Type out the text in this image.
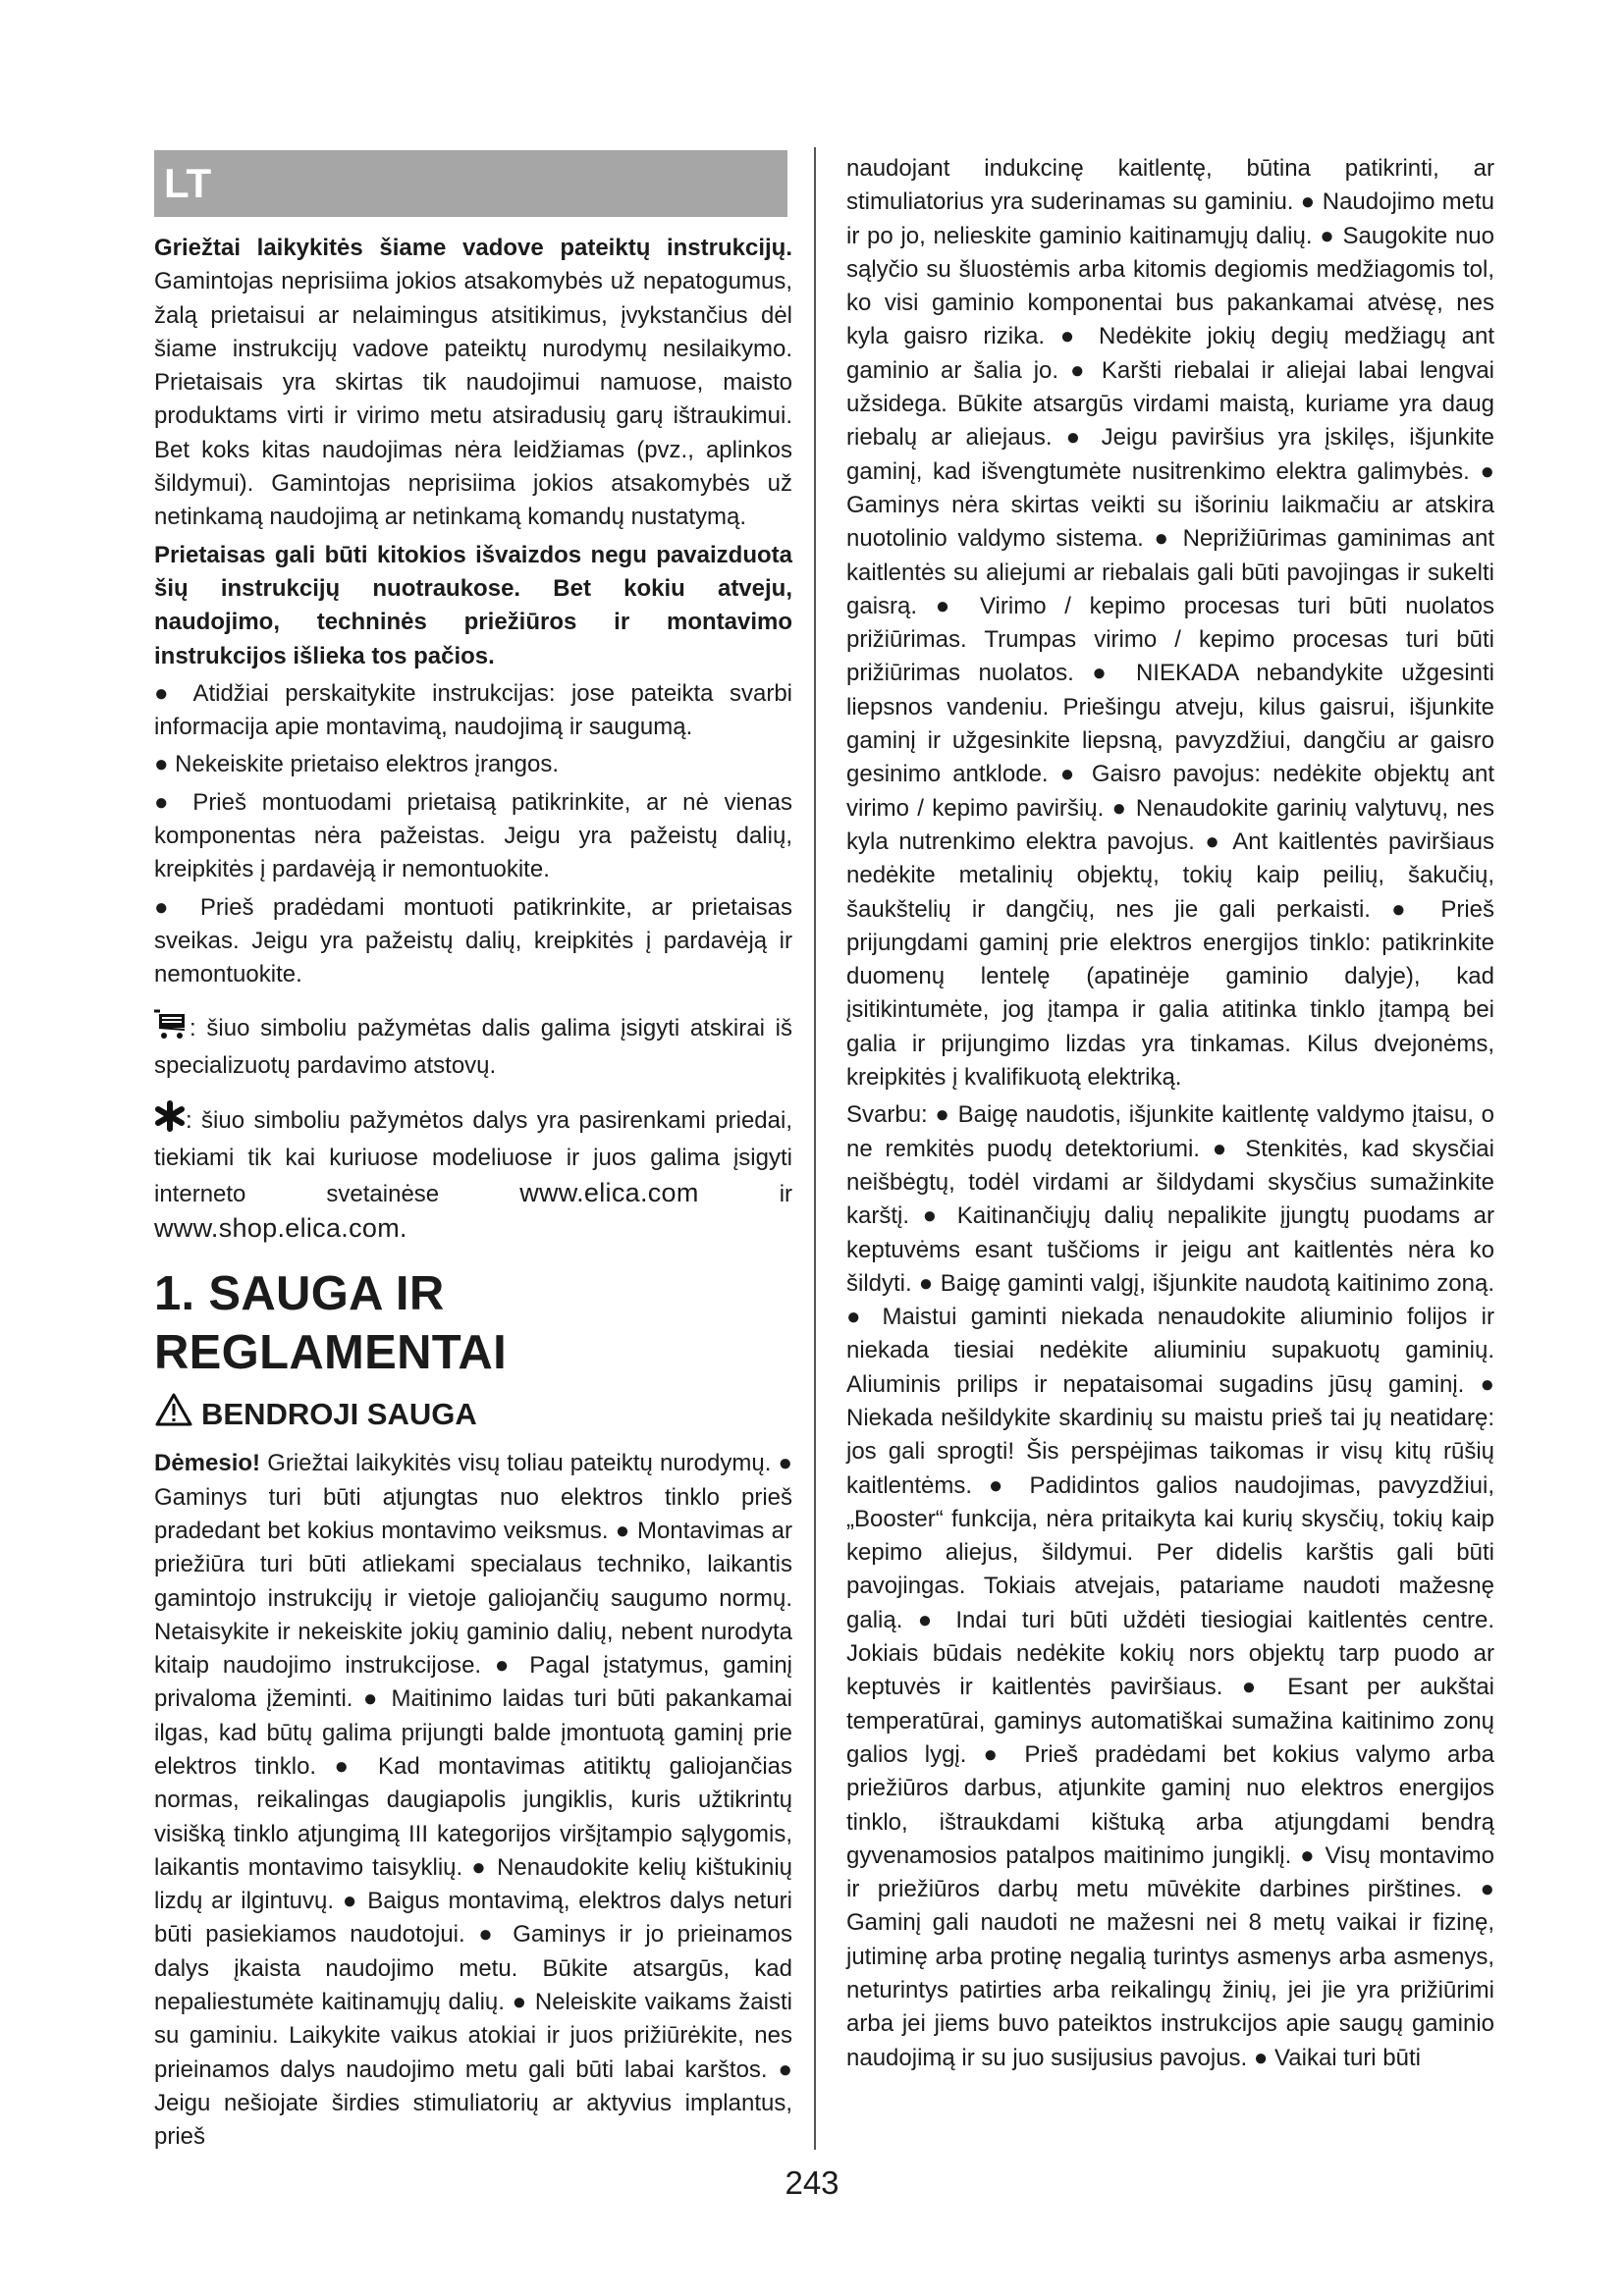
LT

Griežtai laikykitės šiame vadove pateiktų instrukcijų. Gamintojas neprisiima jokios atsakomybės už nepatogumus, žalą prietaisui ar nelaimingus atsitikimus, įvykstančius dėl šiame instrukcijų vadove pateiktų nurodymų nesilaikymo. Prietaisais yra skirtas tik naudojimui namuose, maisto produktams virti ir virimo metu atsiradusių garų ištraukimui. Bet koks kitas naudojimas nėra leidžiamas (pvz., aplinkos šildymui). Gamintojas neprisiima jokios atsakomybės už netinkamą naudojimą ar netinkamą komandų nustatymą.

Prietaisas gali būti kitokios išvaizdos negu pavaizduota šių instrukcijų nuotraukose. Bet kokiu atveju, naudojimo, techninės priežiūros ir montavimo instrukcijos išlieka tos pačios.

● Atidžiai perskaitykite instrukcijas: jose pateikta svarbi informacija apie montavimą, naudojimą ir saugumą.

● Nekeiskite prietaiso elektros įrangos.

● Prieš montuodami prietaisą patikrinkite, ar nė vienas komponentas nėra pažeistas. Jeigu yra pažeistų dalių, kreipkitės į pardavėją ir nemontuokite.

● Prieš pradėdami montuoti patikrinkite, ar prietaisas sveikas. Jeigu yra pažeistų dalių, kreipkitės į pardavėją ir nemontuokite.

: šiuo simboliu pažymėtas dalis galima įsigyti atskirai iš specializuotų pardavimo atstovų.

: šiuo simboliu pažymėtos dalys yra pasirenkami priedai, tiekiami tik kai kuriuose modeliuose ir juos galima įsigyti interneto svetainėse	www.elica.com	ir www.shop.elica.com.

1. SAUGA IR REGLAMENTAI
BENDROJI SAUGA

Dėmesio! Griežtai laikykitės visų toliau pateiktų nurodymų. ● Gaminys turi būti atjungtas nuo elektros tinklo prieš pradedant bet kokius montavimo veiksmus. ● Montavimas ar priežiūra turi būti atliekami specialaus techniko, laikantis gamintojo instrukcijų ir vietoje galiojančių saugumo normų. Netaisykite ir nekeiskite jokių gaminio dalių, nebent nurodyta kitaip naudojimo instrukcijose. ● Pagal įstatymus, gaminį privaloma įžeminti. ● Maitinimo laidas turi būti pakankamai ilgas, kad būtų galima prijungti balde įmontuotą gaminį prie elektros tinklo. ● Kad montavimas atitiktų galiojančias normas, reikalingas daugiapolis jungiklis, kuris užtikrintų visišką tinklo atjungimą III kategorijos viršįtampio sąlygomis, laikantis montavimo taisyklių. ● Nenaudokite kelių kištukinių lizdų ar ilgintuvų. ● Baigus montavimą, elektros dalys neturi būti pasiekiamos naudotojui. ● Gaminys ir jo prieinamos dalys įkaista naudojimo metu. Būkite atsargūs, kad nepaliestumėte kaitinamųjų dalių. ● Neleiskite vaikams žaisti su gaminiu. Laikykite vaikus atokiai ir juos prižiūrėkite, nes prieinamos dalys naudojimo metu gali būti labai karštos. ● Jeigu nešiojate širdies stimuliatorių ar aktyvius implantus, prieš

naudojant indukcinę kaitlentę, būtina patikrinti, ar stimuliatorius yra suderinamas su gaminiu. ● Naudojimo metu ir po jo, nelieskite gaminio kaitinamųjų dalių. ● Saugokite nuo sąlyčio su šluostėmis arba kitomis degiomis medžiagomis tol, ko visi gaminio komponentai bus pakankamai atvėsę, nes kyla gaisro rizika. ● Nedėkite jokių degių medžiagų ant gaminio ar šalia jo. ● Karšti riebalai ir aliejai labai lengvai užsidega. Būkite atsargūs virdami maistą, kuriame yra daug riebalų ar aliejaus. ● Jeigu paviršius yra įskilęs, išjunkite gaminį, kad išvengtumėte nusitrenkimo elektra galimybės. ● Gaminys nėra skirtas veikti su išoriniu laikmačiu ar atskira nuotolinio valdymo sistema. ● Neprižiūrimas gaminimas ant kaitlentės su aliejumi ar riebalais gali būti pavojingas ir sukelti gaisrą. ● Virimo / kepimo procesas turi būti nuolatos prižiūrimas. Trumpas virimo / kepimo procesas turi būti prižiūrimas nuolatos. ● NIEKADA nebandykite užgesinti liepsnos vandeniu. Priešingu atveju, kilus gaisrui, išjunkite gaminį ir užgesinkite liepsną, pavyzdžiui, dangčiu ar gaisro gesinimo antklode. ● Gaisro pavojus: nedėkite objektų ant virimo / kepimo paviršių. ● Nenaudokite garinių valytuvų, nes kyla nutrenkimo elektra pavojus. ● Ant kaitlentės paviršiaus nedėkite metalinių objektų, tokių kaip peilių, šakučių, šaukštelių ir dangčių, nes jie gali perkaisti. ● Prieš prijungdami gaminį prie elektros energijos tinklo: patikrinkite duomenų lentelę (apatinėje gaminio dalyje), kad įsitikintumėte, jog įtampa ir galia atitinka tinklo įtampą bei galia ir prijungimo lizdas yra tinkamas. Kilus dvejonėms, kreipkitės į kvalifikuotą elektriką.

Svarbu: ● Baigę naudotis, išjunkite kaitlentę valdymo įtaisu, o ne remkitės puodų detektoriumi. ● Stenkitės, kad skysčiai neišbėgtų, todėl virdami ar šildydami skysčius sumažinkite karštį. ● Kaitinančiųjų dalių nepalikite įjungtų puodams ar keptuvėms esant tuščioms ir jeigu ant kaitlentės nėra ko šildyti. ● Baigę gaminti valgį, išjunkite naudotą kaitinimo zoną. ● Maistui gaminti niekada nenaudokite aliuminio folijos ir niekada tiesiai nedėkite aliuminiu supakuotų gaminių. Aliuminis prilips ir nepataisomai sugadins jūsų gaminį. ● Niekada nešildykite skardinių su maistu prieš tai jų neatidarę: jos gali sprogti! Šis perspėjimas taikomas ir visų kitų rūšių kaitlentėms. ● Padidintos galios naudojimas, pavyzdžiui, „Booster“ funkcija, nėra pritaikyta kai kurių skysčių, tokių kaip kepimo aliejus, šildymui. Per didelis karštis gali būti pavojingas. Tokiais atvejais, patariame naudoti mažesnę galią. ● Indai turi būti uždėti tiesiogiai kaitlentės centre. Jokiais būdais nedėkite kokių nors objektų tarp puodo ar keptuvės ir kaitlentės paviršiaus. ● Esant per aukštai temperatūrai, gaminys automatiškai sumažina kaitinimo zonų galios lygį. ● Prieš pradėdami bet kokius valymo arba priežiūros darbus, atjunkite gaminį nuo elektros energijos tinklo, ištraukdami kištuką arba atjungdami bendrą gyvenamosios patalpos maitinimo jungiklį. ● Visų montavimo ir priežiūros darbų metu mūvėkite darbines pirštines. ● Gaminį gali naudoti ne mažesni nei 8 metų vaikai ir fizinę, jutiminę arba protinę negalią turintys asmenys arba asmenys, neturintys patirties arba reikalingų žinių, jei jie yra prižiūrimi arba jei jiems buvo pateiktos instrukcijos apie saugų gaminio naudojimą ir su juo susijusius pavojus. ● Vaikai turi būti

243
